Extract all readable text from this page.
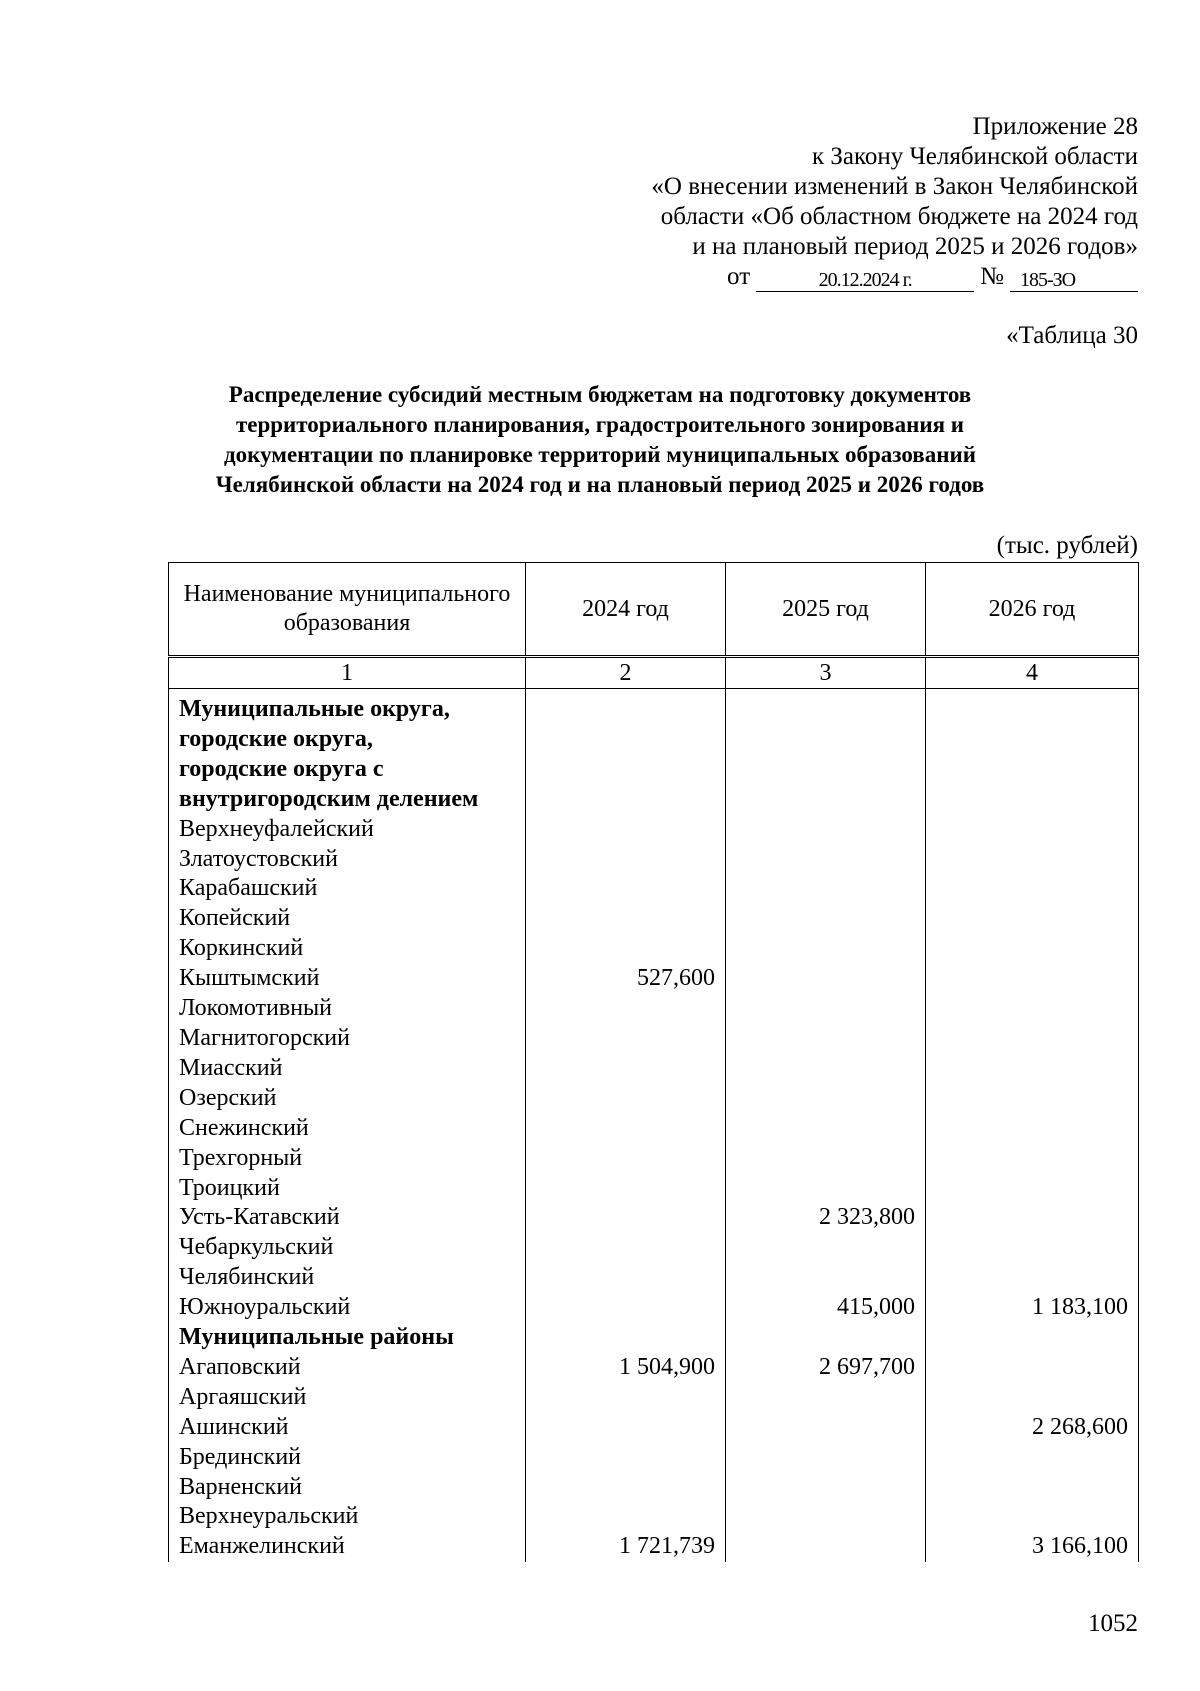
Приложение 28
к Закону Челябинской области
«О внесении изменений в Закон Челябинской
области «Об областном бюджете на 2024 год
и на плановый период 2025 и 2026 годов»
от	20.12.2024 г.	№ 185-ЗО
«Таблица 30
Распределение субсидий местным бюджетам на подготовку документов
территориального планирования, градостроительного зонирования и
документации по планировке территорий муниципальных образований
Челябинской области на 2024 год и на плановый период 2025 и 2026 годов
(тыс. рублей)
Наименование муниципального образования	2024 год	2025 год	2026 год
1	2	3	4
Муниципальные округа,			
городские округа,			
городские округа с			
внутригородским делением			
Верхнеуфалейский			
Златоустовский			
Карабашский			
Копейский			
Коркинский			
Кыштымский	527,600		
Локомотивный			
Магнитогорский			
Миасский			
Озерский			
Снежинский			
Трехгорный			
Троицкий			
Усть-Катавский		2 323,800	
Чебаркульский			
Челябинский			
Южноуральский		415,000	1 183,100
Муниципальные районы			
Агаповский	1 504,900	2 697,700	
Аргаяшский			
Ашинский			2 268,600
Брединский			
Варненский			
Верхнеуральский			
Еманжелинский	1 721,739		3 166,100
1052
